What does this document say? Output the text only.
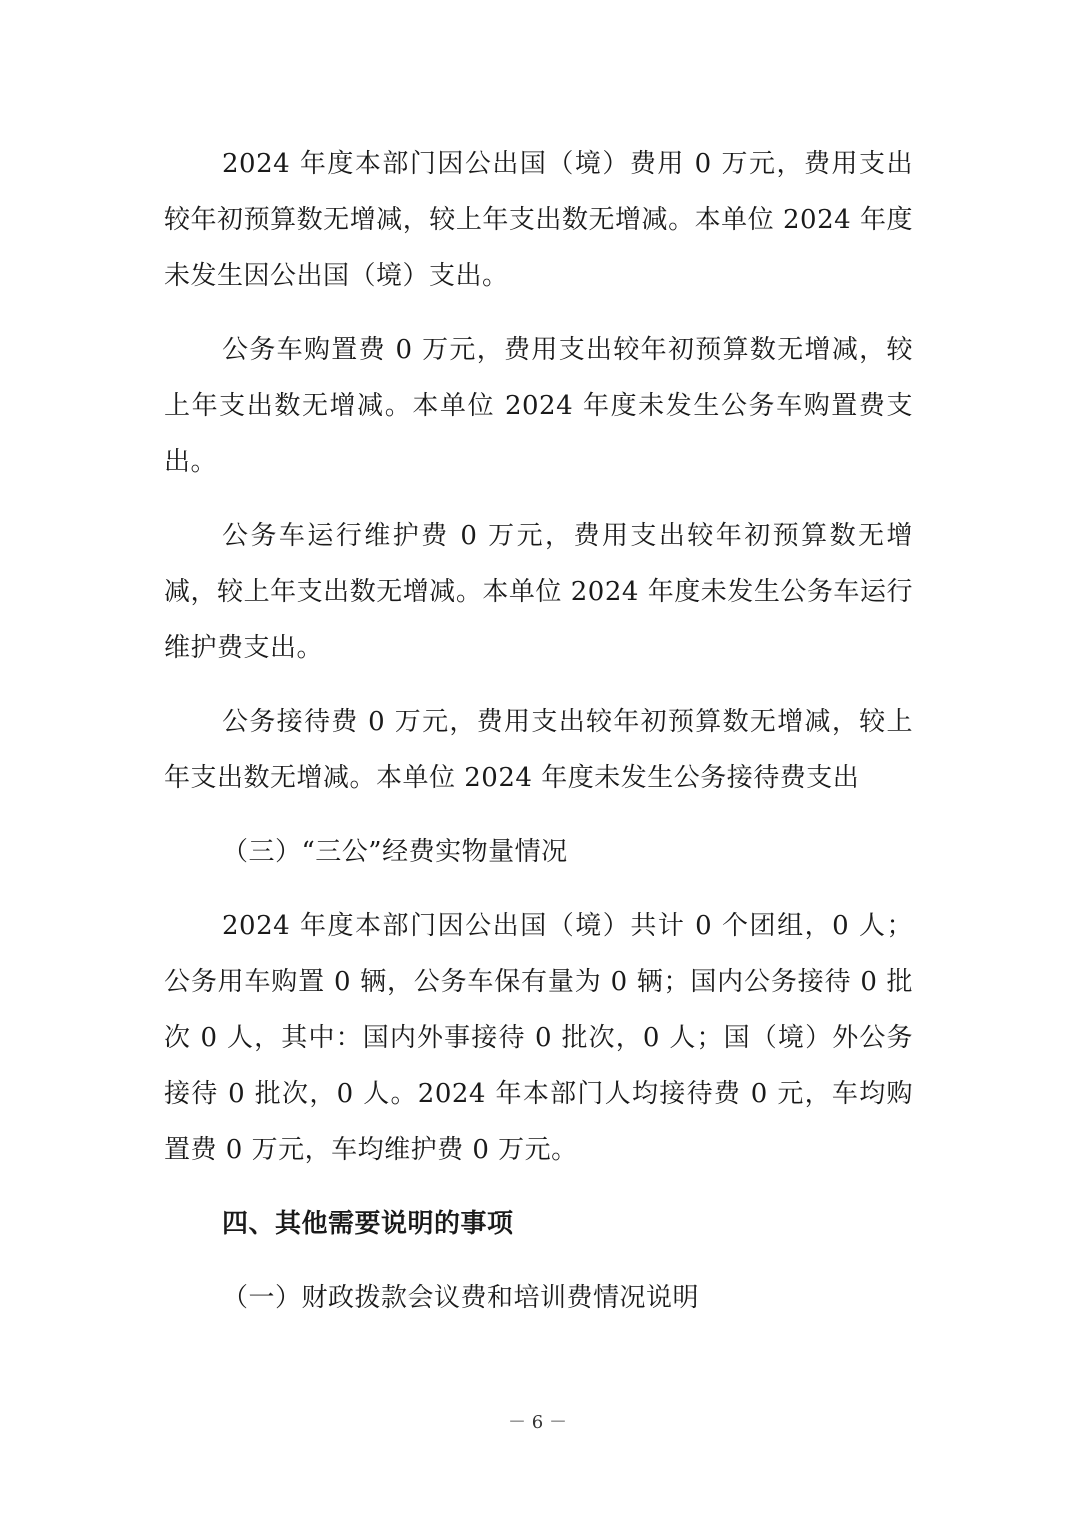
2024 年度本部门因公出国（境）费用 0 万元，费用支出较年初预算数无增减，较上年支出数无增减。本单位 2024 年度未发生因公出国（境）支出。

公务车购置费 0 万元，费用支出较年初预算数无增减，较上年支出数无增减。本单位 2024 年度未发生公务车购置费支出。

公务车运行维护费 0 万元，费用支出较年初预算数无增减，较上年支出数无增减。本单位 2024 年度未发生公务车运行维护费支出。

公务接待费 0 万元，费用支出较年初预算数无增减，较上年支出数无增减。本单位 2024 年度未发生公务接待费支出

（三）“三公”经费实物量情况

2024 年度本部门因公出国（境）共计 0 个团组，0 人；公务用车购置 0 辆，公务车保有量为 0 辆；国内公务接待 0 批次 0 人，其中：国内外事接待 0 批次，0 人；国（境）外公务接待 0 批次，0 人。2024 年本部门人均接待费 0 元，车均购置费 0 万元，车均维护费 0 万元。

四、其他需要说明的事项

（一）财政拨款会议费和培训费情况说明

－ 6 －
